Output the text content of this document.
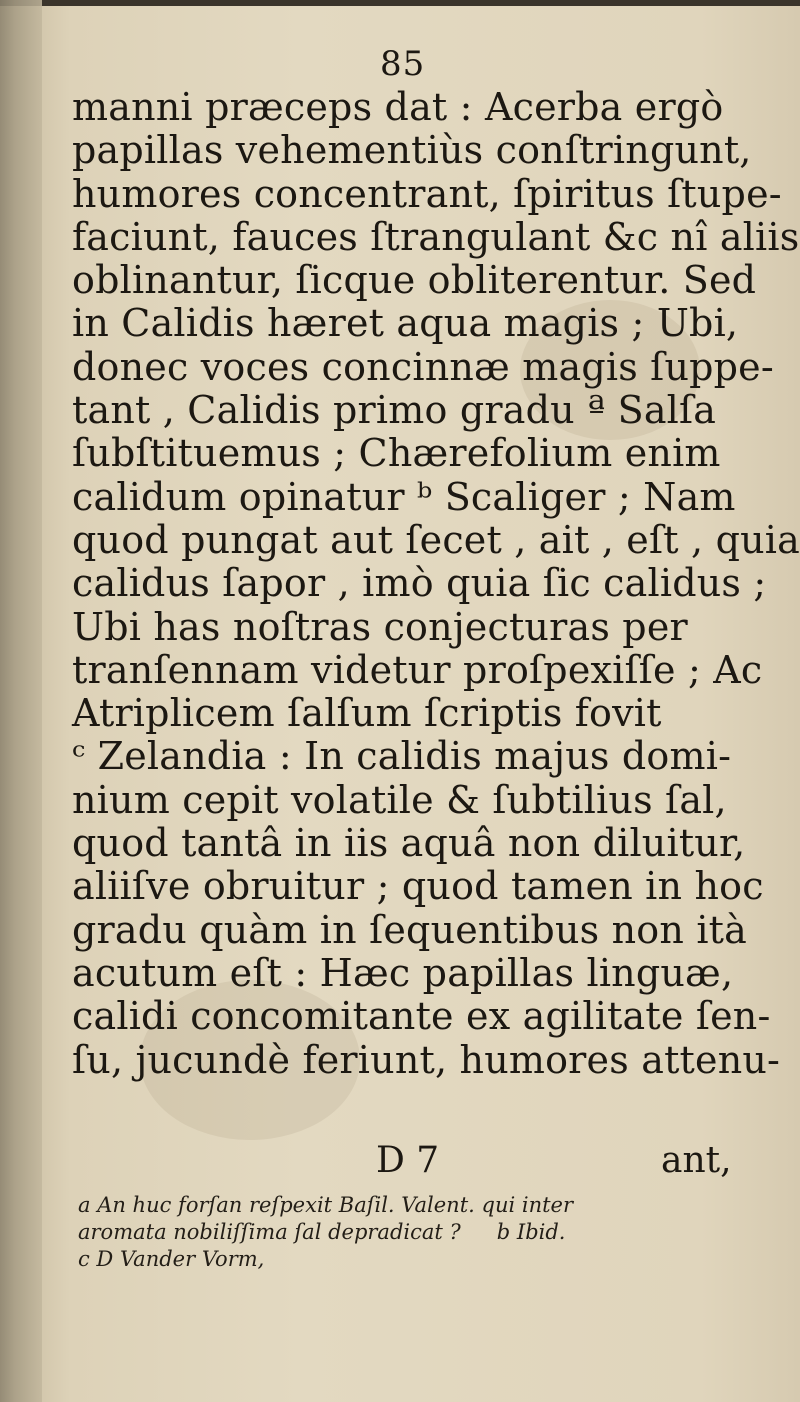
85
manni præceps dat : Acerba ergò
papillas vehementiùs conſtringunt,
humores concentrant, ſpiritus ſtupe-
faciunt, fauces ſtrangulant &c nî aliis
oblinantur, ſicque obliterentur. Sed
in Calidis hæret aqua magis ; Ubi,
donec voces concinnæ magis ſuppe-
tant , Calidis primo gradu ª Salſa
ſubſtituemus ; Chærefolium enim
calidum opinatur ᵇ Scaliger ; Nam
quod pungat aut ſecet , ait , eſt , quia
calidus ſapor , imò quia ſic calidus ;
Ubi has noſtras conjecturas per
tranſennam videtur proſpexiſſe ; Ac
Atriplicem ſalſum ſcriptis fovit
ᶜ Zelandia : In calidis majus domi-
nium cepit volatile & ſubtilius ſal,
quod tantâ in iis aquâ non diluitur,
aliiſve obruitur ; quod tamen in hoc
gradu quàm in ſequentibus non ità
acutum eſt : Hæc papillas linguæ,
calidi concomitante ex agilitate ſen-
ſu, jucundè feriunt, humores attenu-
D 7	ant,
a An huc forſan reſpexit Baſil. Valent. qui inter
aromata nobiliſſima ſal depradicat ? b Ibid.
c D Vander Vorm,
